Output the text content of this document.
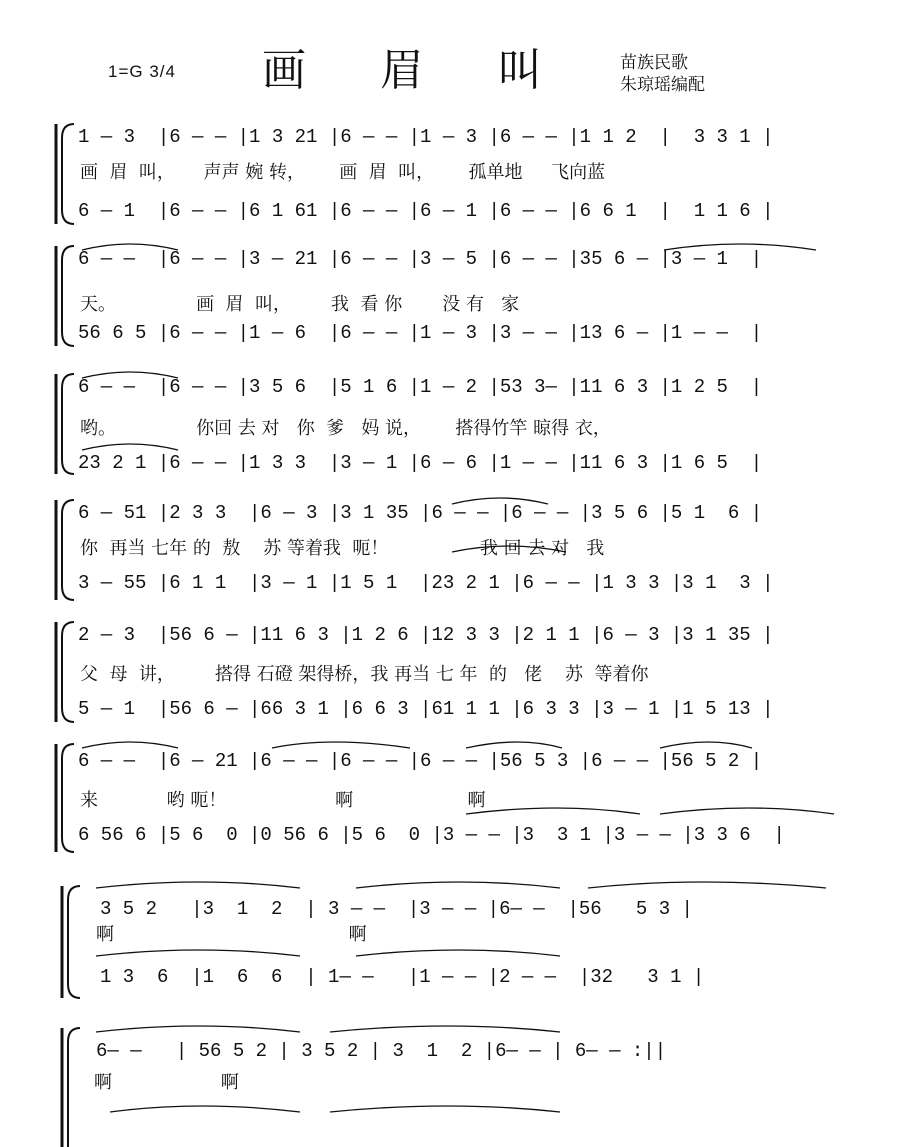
1=G 3/4 画 眉 叫	苗族民歌
朱琼瑶编配
1 — 3  |6 — — |1 3 21 |6 — — |1 — 3 |6 — — |1 1 2  |  3 3 1 |
画  眉  叫，     声声 婉 转，      画  眉  叫，      孤单地     飞向蓝
6 — 1  |6 — — |6 1 61 |6 — — |6 — 1 |6 — — |6 6 1  |  1 1 6 |
6 — —  |6 — — |3 — 21 |6 — — |3 — 5 |6 — — |35 6 — |3 — 1  |
天。              画  眉  叫，       我  看 你       没 有   家
56 6 5 |6 — — |1 — 6  |6 — — |1 — 3 |3 — — |13 6 — |1 — —  |
6 — —  |6 — — |3 5 6  |5 1 6 |1 — 2 |53 3— |11 6 3 |1 2 5  |
哟。              你回 去 对   你  爹   妈 说，      搭得竹竿 晾得 衣，
23 2 1 |6 — — |1 3 3  |3 — 1 |6 — 6 |1 — — |11 6 3 |1 6 5  |
6 — 51 |2 3 3  |6 — 3 |3 1 35 |6 — — |6 — — |3 5 6 |5 1  6 |
你  再当 七年 的  敖    苏 等着我  呃！                我 回 去 对   我
3 — 55 |6 1 1  |3 — 1 |1 5 1  |23 2 1 |6 — — |1 3 3 |3 1  3 |
2 — 3  |56 6 — |11 6 3 |1 2 6 |12 3 3 |2 1 1 |6 — 3 |3 1 35 |
父  母  讲，       搭得 石磴 架得桥，我 再当 七 年  的   佬    苏  等着你
5 — 1  |56 6 — |66 3 1 |6 6 3 |61 1 1 |6 3 3 |3 — 1 |1 5 13 |
6 — —  |6 — 21 |6 — — |6 — — |6 — — |56 5 3 |6 — — |56 5 2 |
来            哟 呃！                   啊                    啊
6 56 6 |5 6  0 |0 56 6 |5 6  0 |3 — — |3  3 1 |3 — — |3 3 6  |
3 5 2   |3  1  2  | 3 — —  |3 — — |6— —  |56   5 3 |
啊                                         啊
1 3  6  |1  6  6  | 1— —   |1 — — |2 — —  |32   3 1 |
6— —   | 56 5 2 | 3 5 2 | 3  1  2 |6— — | 6— — :||
啊                   啊
